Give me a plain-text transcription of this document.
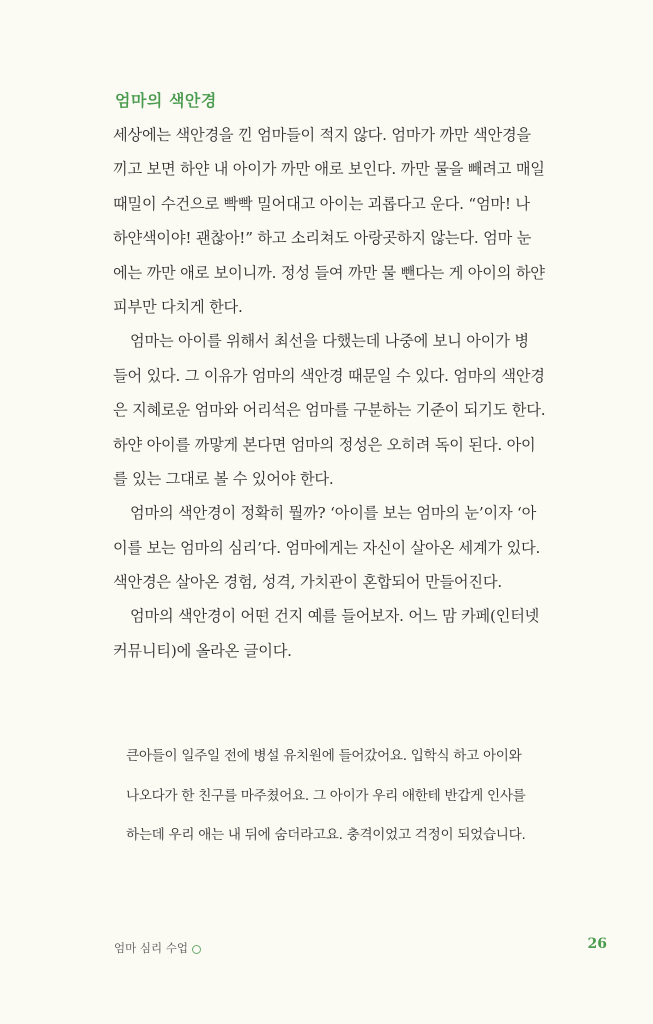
엄마의 색안경
세상에는 색안경을 낀 엄마들이 적지 않다. 엄마가 까만 색안경을
끼고 보면 하얀 내 아이가 까만 애로 보인다. 까만 물을 빼려고 매일
때밀이 수건으로 빡빡 밀어대고 아이는 괴롭다고 운다. “엄마! 나
하얀색이야! 괜찮아!” 하고 소리쳐도 아랑곳하지 않는다. 엄마 눈
에는 까만 애로 보이니까. 정성 들여 까만 물 뺀다는 게 아이의 하얀
피부만 다치게 한다.
엄마는 아이를 위해서 최선을 다했는데 나중에 보니 아이가 병
들어 있다. 그 이유가 엄마의 색안경 때문일 수 있다. 엄마의 색안경
은 지혜로운 엄마와 어리석은 엄마를 구분하는 기준이 되기도 한다.
하얀 아이를 까맣게 본다면 엄마의 정성은 오히려 독이 된다. 아이
를 있는 그대로 볼 수 있어야 한다.
엄마의 색안경이 정확히 뭘까? ‘아이를 보는 엄마의 눈’이자 ‘아
이를 보는 엄마의 심리’다. 엄마에게는 자신이 살아온 세계가 있다.
색안경은 살아온 경험, 성격, 가치관이 혼합되어 만들어진다.
엄마의 색안경이 어떤 건지 예를 들어보자. 어느 맘 카페(인터넷
커뮤니티)에 올라온 글이다.
큰아들이 일주일 전에 병설 유치원에 들어갔어요. 입학식 하고 아이와
나오다가 한 친구를 마주쳤어요. 그 아이가 우리 애한테 반갑게 인사를
하는데 우리 애는 내 뒤에 숨더라고요. 충격이었고 걱정이 되었습니다.
엄마 심리 수업	26
